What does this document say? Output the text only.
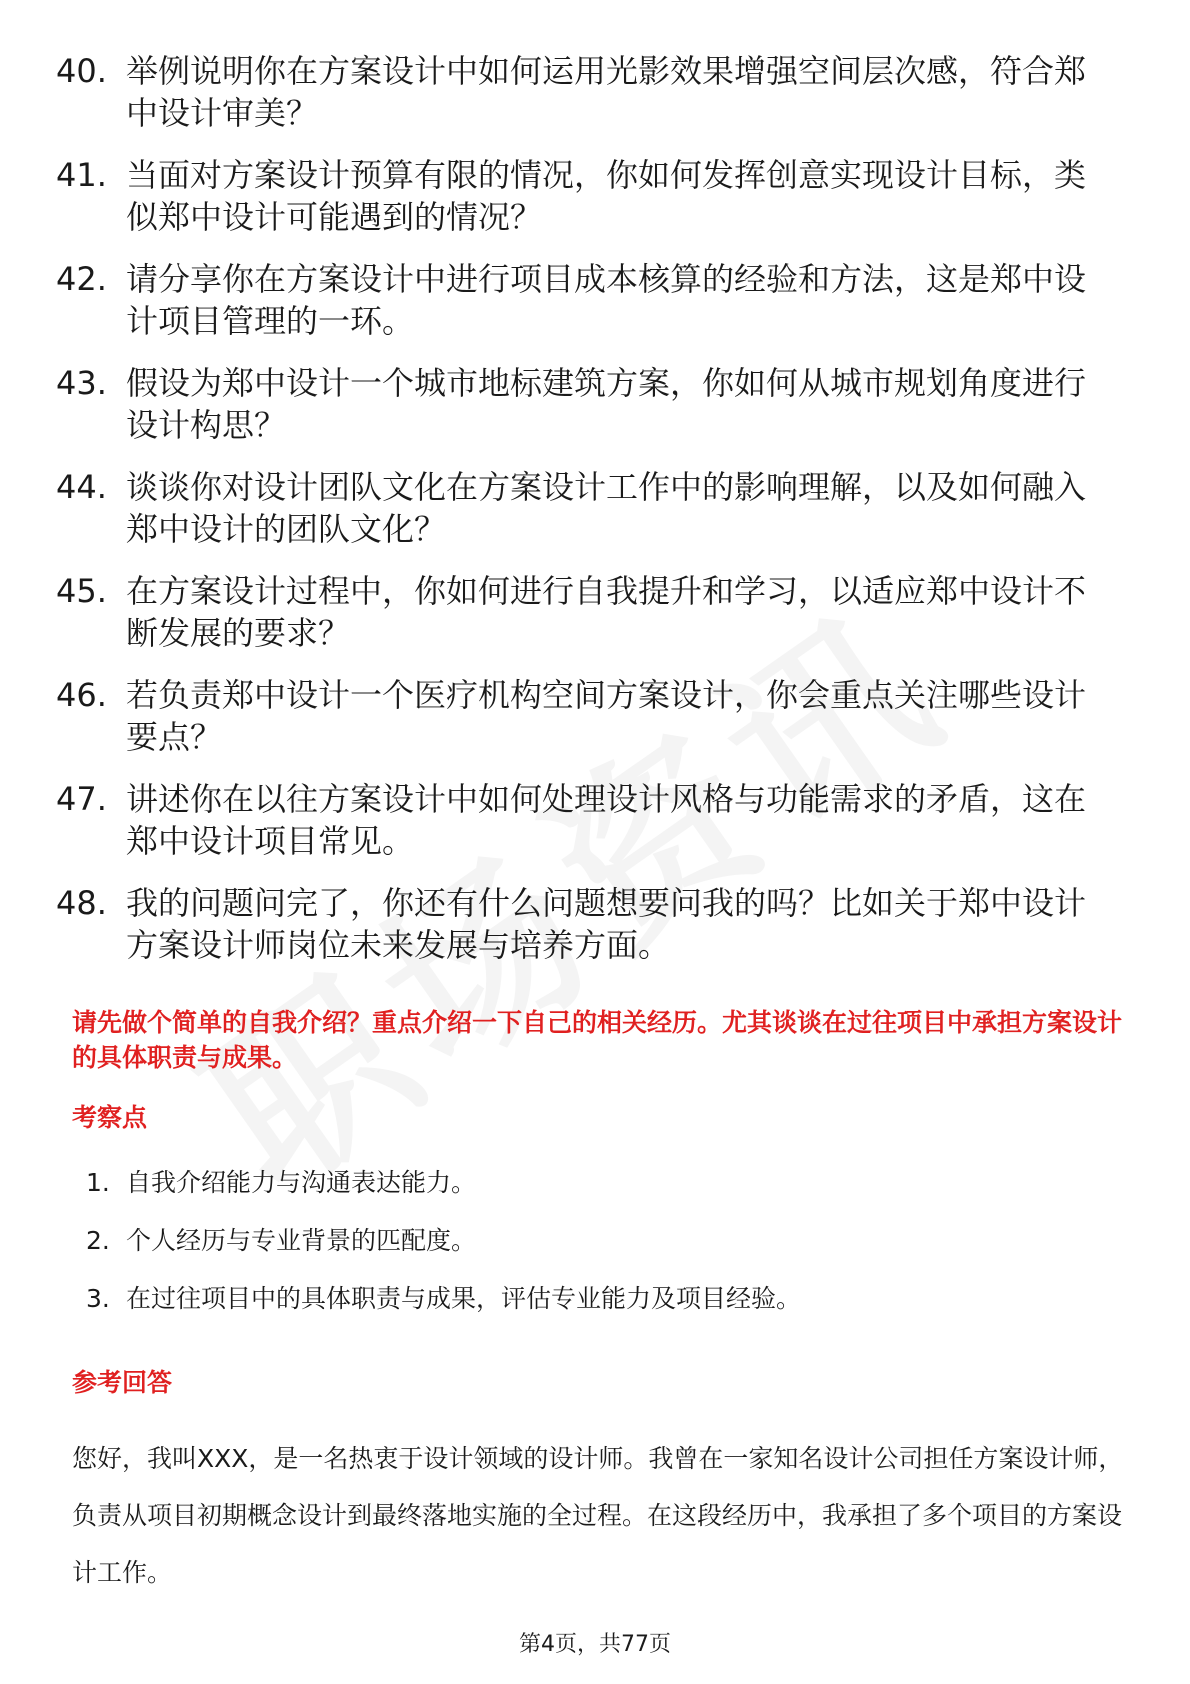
40. 举例说明你在方案设计中如何运用光影效果增强空间层次感，符合郑中设计审美？
41. 当面对方案设计预算有限的情况，你如何发挥创意实现设计目标，类似郑中设计可能遇到的情况？
42. 请分享你在方案设计中进行项目成本核算的经验和方法，这是郑中设计项目管理的一环。
43. 假设为郑中设计一个城市地标建筑方案，你如何从城市规划角度进行设计构思？
44. 谈谈你对设计团队文化在方案设计工作中的影响理解，以及如何融入郑中设计的团队文化？
45. 在方案设计过程中，你如何进行自我提升和学习，以适应郑中设计不断发展的要求？
46. 若负责郑中设计一个医疗机构空间方案设计，你会重点关注哪些设计要点？
47. 讲述你在以往方案设计中如何处理设计风格与功能需求的矛盾，这在郑中设计项目常见。
48. 我的问题问完了，你还有什么问题想要问我的吗？比如关于郑中设计方案设计师岗位未来发展与培养方面。
请先做个简单的自我介绍？重点介绍一下自己的相关经历。尤其谈谈在过往项目中承担方案设计的具体职责与成果。
考察点
1. 自我介绍能力与沟通表达能力。
2. 个人经历与专业背景的匹配度。
3. 在过往项目中的具体职责与成果，评估专业能力及项目经验。
参考回答
您好，我叫XXX，是一名热衷于设计领域的设计师。我曾在一家知名设计公司担任方案设计师，负责从项目初期概念设计到最终落地实施的全过程。在这段经历中，我承担了多个项目的方案设计工作。
第4页，共77页
